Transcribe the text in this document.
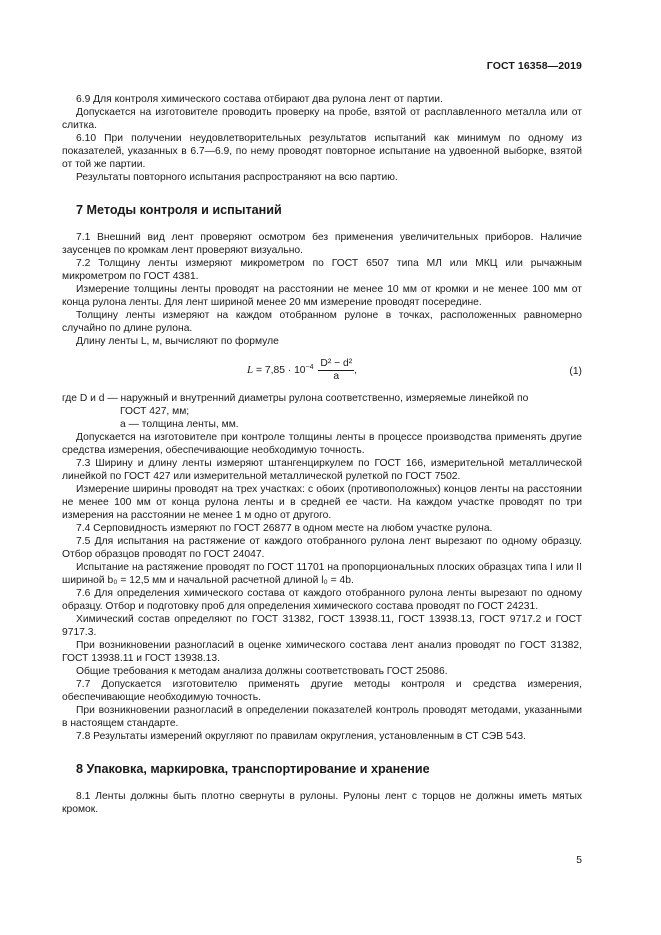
ГОСТ 16358—2019

6.9 Для контроля химического состава отбирают два рулона лент от партии.

Допускается на изготовителе проводить проверку на пробе, взятой от расплавленного металла или от слитка.

6.10 При получении неудовлетворительных результатов испытаний как минимум по одному из показателей, указанных в 6.7—6.9, по нему проводят повторное испытание на удвоенной выборке, взятой от той же партии.

Результаты повторного испытания распространяют на всю партию.

7 Методы контроля и испытаний

7.1 Внешний вид лент проверяют осмотром без применения увеличительных приборов. Наличие заусенцев по кромкам лент проверяют визуально.

7.2 Толщину ленты измеряют микрометром по ГОСТ 6507 типа МЛ или МКЦ или рычажным микрометром по ГОСТ 4381.

Измерение толщины ленты проводят на расстоянии не менее 10 мм от кромки и не менее 100 мм от конца рулона ленты. Для лент шириной менее 20 мм измерение проводят посередине.

Толщину ленты измеряют на каждом отобранном рулоне в точках, расположенных равномерно случайно по длине рулона.

Длину ленты L, м, вычисляют по формуле

$L = 7,85 \cdot 10^{-4} \frac{\text{D² − d²}}{a}$ ,	(1)

где D и d — наружный и внутренний диаметры рулона соответственно, измеряемые линейкой по

ГОСТ 427, мм;

a — толщина ленты, мм.

Допускается на изготовителе при контроле толщины ленты в процессе производства применять другие средства измерения, обеспечивающие необходимую точность.

7.3 Ширину и длину ленты измеряют штангенциркулем по ГОСТ 166, измерительной металлической линейкой по ГОСТ 427 или измерительной металлической рулеткой по ГОСТ 7502.

Измерение ширины проводят на трех участках: с обоих (противоположных) концов ленты на расстоянии не менее 100 мм от конца рулона ленты и в средней ее части. На каждом участке проводят по три измерения на расстоянии не менее 1 м одно от другого.

7.4 Серповидность измеряют по ГОСТ 26877 в одном месте на любом участке рулона.

7.5 Для испытания на растяжение от каждого отобранного рулона лент вырезают по одному образцу. Отбор образцов проводят по ГОСТ 24047.

Испытание на растяжение проводят по ГОСТ 11701 на пропорциональных плоских образцах типа I или II шириной b₀ = 12,5 мм и начальной расчетной длиной l₀ = 4b.

7.6 Для определения химического состава от каждого отобранного рулона ленты вырезают по одному образцу. Отбор и подготовку проб для определения химического состава проводят по ГОСТ 24231.

Химический состав определяют по ГОСТ 31382, ГОСТ 13938.11, ГОСТ 13938.13, ГОСТ 9717.2 и ГОСТ 9717.3.

При возникновении разногласий в оценке химического состава лент анализ проводят по ГОСТ 31382, ГОСТ 13938.11 и ГОСТ 13938.13.

Общие требования к методам анализа должны соответствовать ГОСТ 25086.

7.7 Допускается изготовителю применять другие методы контроля и средства измерения, обеспечивающие необходимую точность.

При возникновении разногласий в определении показателей контроль проводят методами, указанными в настоящем стандарте.

7.8 Результаты измерений округляют по правилам округления, установленным в СТ СЭВ 543.

8 Упаковка, маркировка, транспортирование и хранение

8.1 Ленты должны быть плотно свернуты в рулоны. Рулоны лент с торцов не должны иметь мятых кромок.

5
